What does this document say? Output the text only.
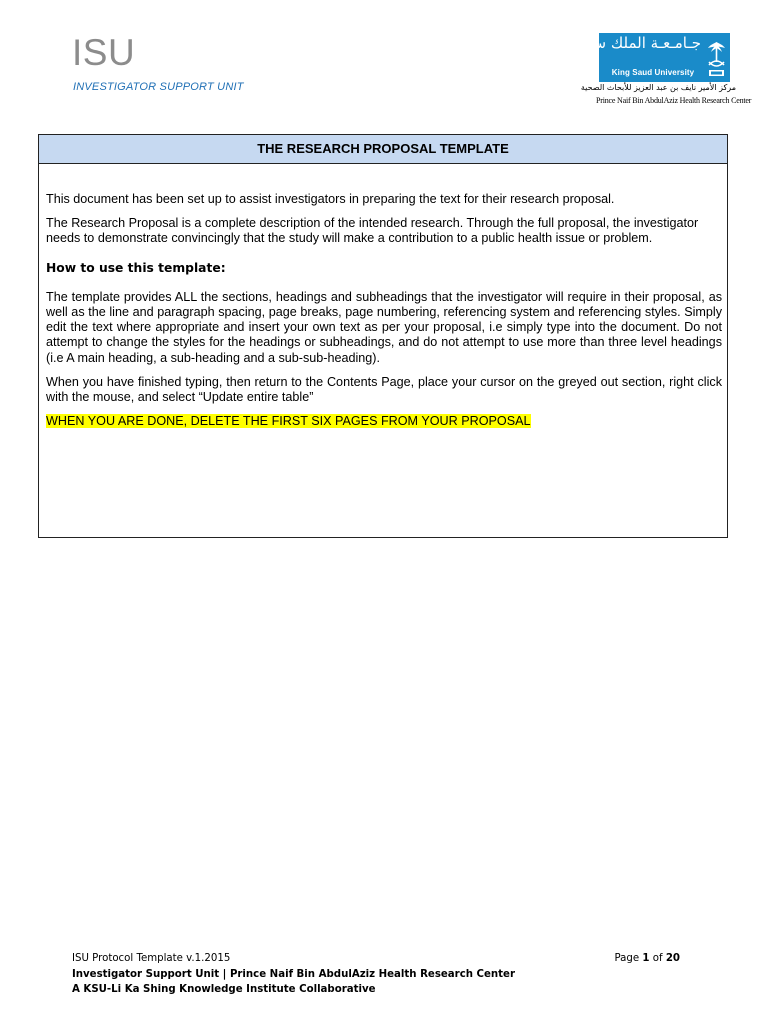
ISU
INVESTIGATOR SUPPORT UNIT
جـامـعـة الملك سعود
King Saud University
مركز الأمير نايف بن عبد العزيز للأبحاث الصحية
Prince Naif Bin AbdulAziz Health Research Center
THE RESEARCH PROPOSAL TEMPLATE

This document has been set up to assist investigators in preparing the text for their research proposal.

The Research Proposal is a complete description of the intended research. Through the full proposal, the investigator needs to demonstrate convincingly that the study will make a contribution to a public health issue or problem.

How to use this template:

The template provides ALL the sections, headings and subheadings that the investigator will require in their proposal, as well as the line and paragraph spacing, page breaks, page numbering, referencing system and referencing styles. Simply edit the text where appropriate and insert your own text as per your proposal, i.e simply type into the document. Do not attempt to change the styles for the headings or subheadings, and do not attempt to use more than three level headings (i.e A main heading, a sub-heading and a sub-sub-heading).

When you have finished typing, then return to the Contents Page, place your cursor on the greyed out section, right click with the mouse, and select “Update entire table”

WHEN YOU ARE DONE, DELETE THE FIRST SIX PAGES FROM YOUR PROPOSAL

ISU Protocol Template v.1.2015	Page 1 of 20
Investigator Support Unit | Prince Naif Bin AbdulAziz Health Research Center
A KSU-Li Ka Shing Knowledge Institute Collaborative
